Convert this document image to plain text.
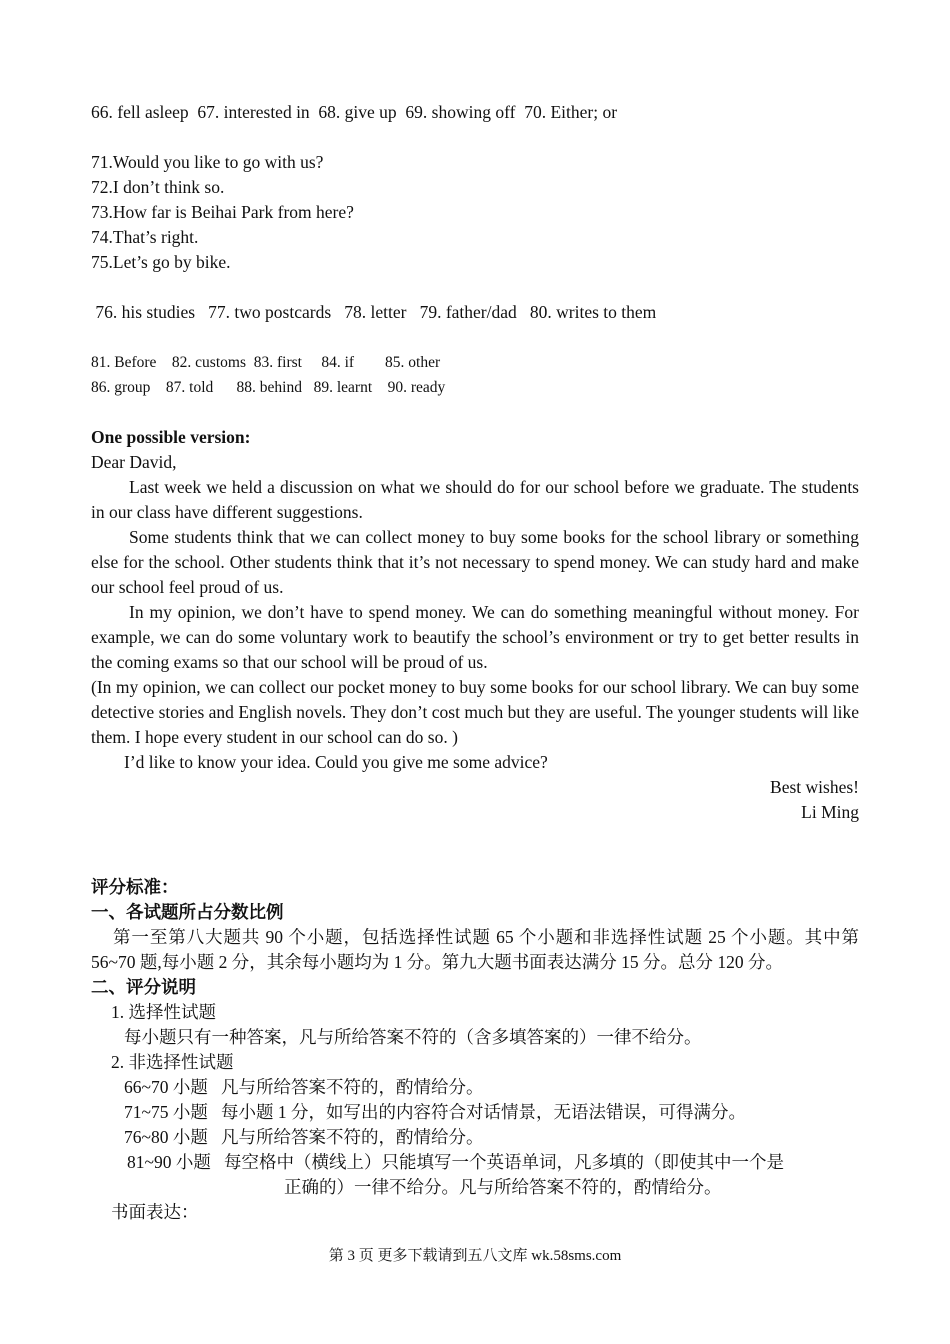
66. fell asleep  67. interested in  68. give up  69. showing off  70. Either; or
71.Would you like to go with us?
72.I don’t think so.
73.How far is Beihai Park from here?
74.That’s right.
75.Let’s go by bike.
76. his studies   77. two postcards   78. letter   79. father/dad   80. writes to them
81. Before    82. customs  83. first     84. if        85. other
86. group    87. told      88. behind   89. learnt    90. ready
One possible version:
Dear David,
Last week we held a discussion on what we should do for our school before we graduate. The students in our class have different suggestions.
Some students think that we can collect money to buy some books for the school library or something else for the school. Other students think that it’s not necessary to spend money. We can study hard and make our school feel proud of us.
In my opinion, we don’t have to spend money. We can do something meaningful without money. For example, we can do some voluntary work to beautify the school’s environment or try to get better results in the coming exams so that our school will be proud of us.
(In my opinion, we can collect our pocket money to buy some books for our school library. We can buy some detective stories and English novels. They don’t cost much but they are useful. The younger students will like them. I hope every student in our school can do so. )
I’d like to know your idea. Could you give me some advice?
Best wishes!
Li Ming
评分标准：
一、各试题所占分数比例
第一至第八大题共 90 个小题，包括选择性试题 65 个小题和非选择性试题 25 个小题。其中第 56~70 题,每小题 2 分，其余每小题均为 1 分。第九大题书面表达满分 15 分。总分 120 分。
二、评分说明
1. 选择性试题
每小题只有一种答案，凡与所给答案不符的（含多填答案的）一律不给分。
2. 非选择性试题
66~70 小题   凡与所给答案不符的，酌情给分。
71~75 小题   每小题 1 分，如写出的内容符合对话情景，无语法错误，可得满分。
76~80 小题   凡与所给答案不符的，酌情给分。
81~90 小题   每空格中（横线上）只能填写一个英语单词，凡多填的（即使其中一个是
正确的）一律不给分。凡与所给答案不符的，酌情给分。
书面表达：
第 3 页 更多下载请到五八文库 wk.58sms.com
